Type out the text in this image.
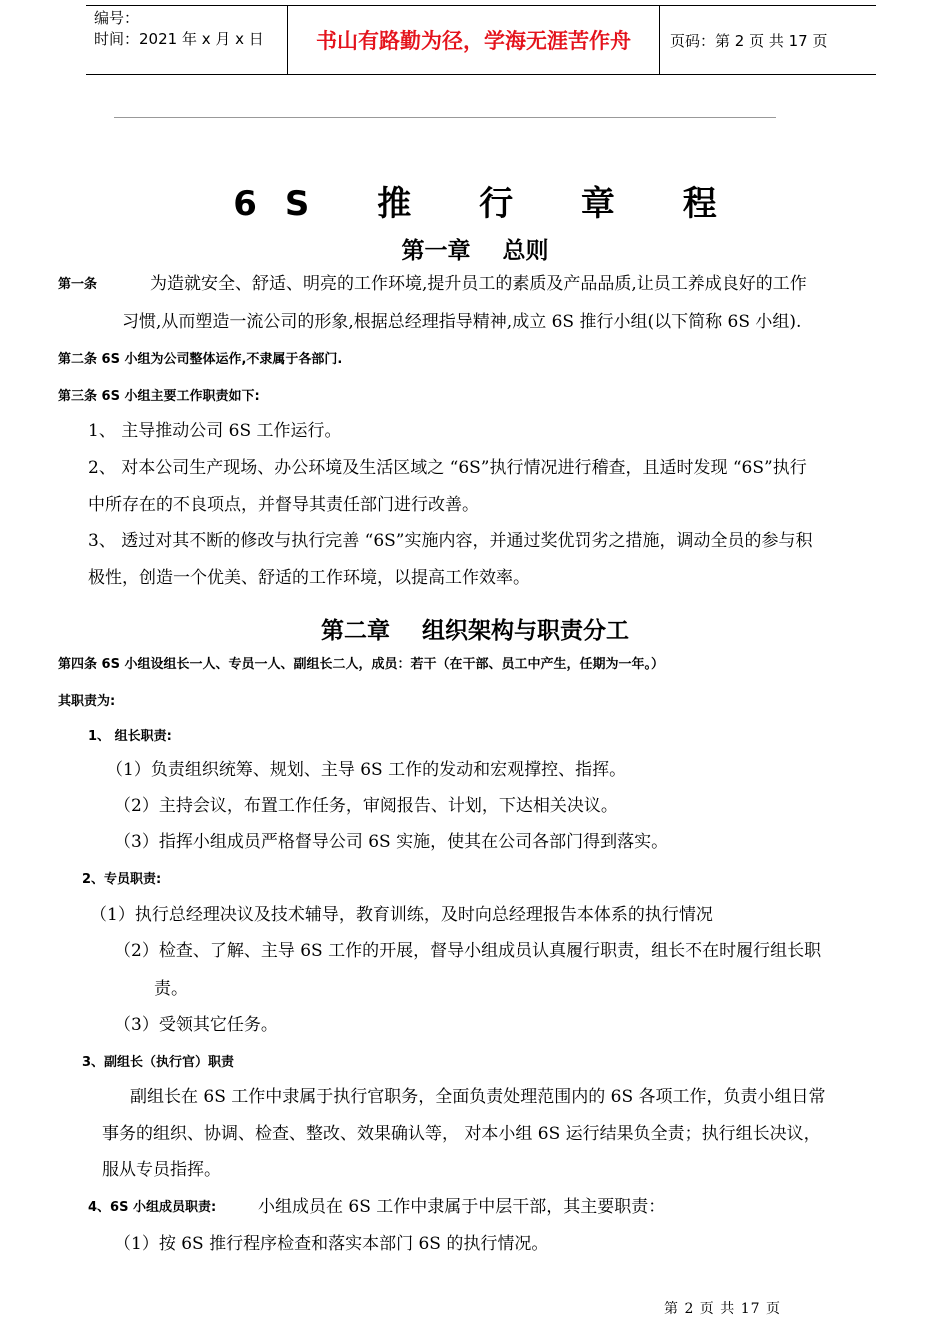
编号：
时间：2021 年 x 月 x 日	书山有路勤为径，学海无涯苦作舟	页码：第 2 页 共 17 页
6S 推 行 章 程
第一章    总则
第一条	为造就安全、舒适、明亮的工作环境,提升员工的素质及产品品质,让员工养成良好的工作
习惯,从而塑造一流公司的形象,根据总经理指导精神,成立 6S 推行小组(以下简称 6S 小组).
第二条 6S 小组为公司整体运作,不隶属于各部门.
第三条 6S 小组主要工作职责如下:
1、 主导推动公司 6S 工作运行。
2、 对本公司生产现场、办公环境及生活区域之 “6S”执行情况进行稽查，且适时发现 “6S”执行
中所存在的不良项点，并督导其责任部门进行改善。
3、 透过对其不断的修改与执行完善 “6S”实施内容，并通过奖优罚劣之措施，调动全员的参与积
极性，创造一个优美、舒适的工作环境，以提高工作效率。
第二章    组织架构与职责分工
第四条 6S 小组设组长一人、专员一人、副组长二人，成员：若干（在干部、员工中产生，任期为一年。）
其职责为:
1、 组长职责:
（1）负责组织统筹、规划、主导 6S 工作的发动和宏观撑控、指挥。
（2）主持会议，布置工作任务，审阅报告、计划，下达相关决议。
（3）指挥小组成员严格督导公司 6S 实施，使其在公司各部门得到落实。
2、专员职责:
（1）执行总经理决议及技术辅导，教育训练，及时向总经理报告本体系的执行情况
（2）检查、了解、主导 6S 工作的开展，督导小组成员认真履行职责，组长不在时履行组长职
责。
（3）受领其它任务。
3、副组长（执行官）职责
副组长在 6S 工作中隶属于执行官职务，全面负责处理范围内的 6S 各项工作，负责小组日常
事务的组织、协调、检查、整改、效果确认等， 对本小组 6S 运行结果负全责；执行组长决议，
服从专员指挥。
4、6S 小组成员职责: 小组成员在 6S 工作中隶属于中层干部，其主要职责：
（1）按 6S 推行程序检查和落实本部门 6S 的执行情况。
第 2 页 共 17 页
